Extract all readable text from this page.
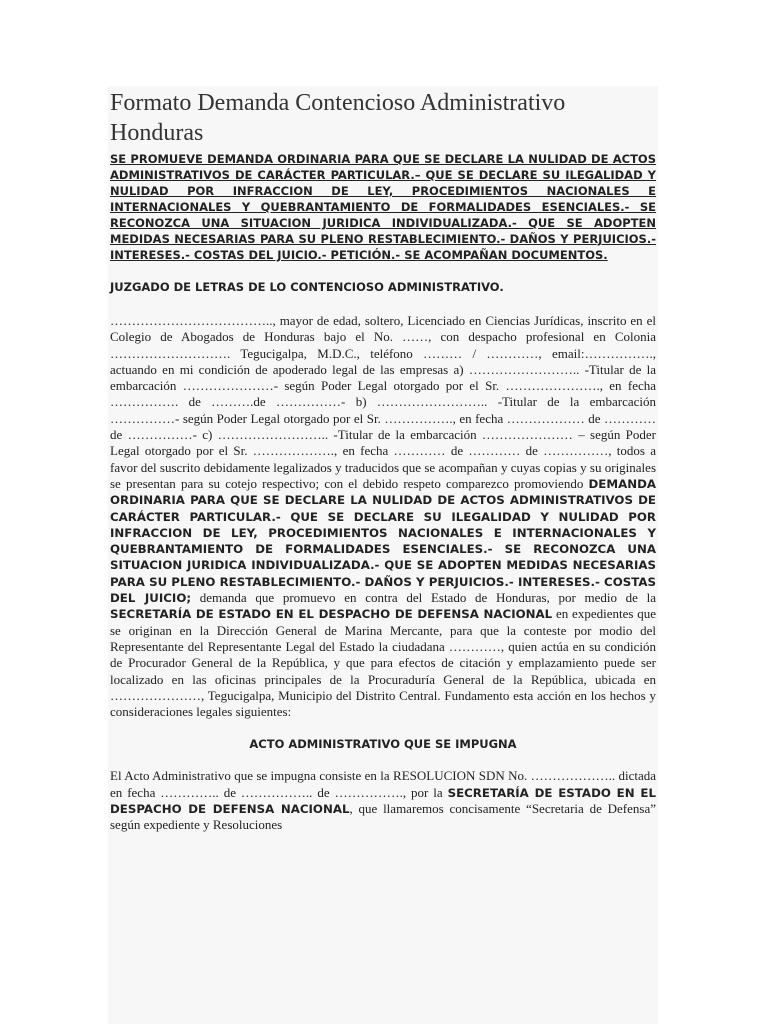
Formato Demanda Contencioso Administrativo Honduras

SE PROMUEVE DEMANDA ORDINARIA PARA QUE SE DECLARE LA NULIDAD DE ACTOS ADMINISTRATIVOS DE CARÁCTER PARTICULAR.– QUE SE DECLARE SU ILEGALIDAD Y NULIDAD POR INFRACCION DE LEY, PROCEDIMIENTOS NACIONALES E INTERNACIONALES Y QUEBRANTAMIENTO DE FORMALIDADES ESENCIALES.- SE RECONOZCA UNA SITUACION JURIDICA INDIVIDUALIZADA.- QUE SE ADOPTEN MEDIDAS NECESARIAS PARA SU PLENO RESTABLECIMIENTO.- DAÑOS Y PERJUICIOS.- INTERESES.- COSTAS DEL JUICIO.- PETICIÓN.- SE ACOMPAÑAN DOCUMENTOS.

JUZGADO DE LETRAS DE LO CONTENCIOSO ADMINISTRATIVO.

……………………………….., mayor de edad, soltero, Licenciado en Ciencias Jurídicas, inscrito en el Colegio de Abogados de Honduras bajo el No. ……, con despacho profesional en Colonia ………………………. Tegucigalpa, M.D.C., teléfono ……… / …………, email:……………., actuando en mi condición de apoderado legal de las empresas a) …………………….. -Titular de la embarcación …………………- según Poder Legal otorgado por el Sr. …………………., en fecha ……………. de ……….de ……………- b) …………………….. -Titular de la embarcación ……………- según Poder Legal otorgado por el Sr. ……………., en fecha ……………… de ………… de ……………- c) …………………….. -Titular de la embarcación ………………… – según Poder Legal otorgado por el Sr. ………………., en fecha ………… de ………… de ……………, todos a favor del suscrito debidamente legalizados y traducidos que se acompañan y cuyas copias y su originales se presentan para su cotejo respectivo; con el debido respeto comparezco promoviendo DEMANDA ORDINARIA PARA QUE SE DECLARE LA NULIDAD DE ACTOS ADMINISTRATIVOS DE CARÁCTER PARTICULAR.- QUE SE DECLARE SU ILEGALIDAD Y NULIDAD POR INFRACCION DE LEY, PROCEDIMIENTOS NACIONALES E INTERNACIONALES Y QUEBRANTAMIENTO DE FORMALIDADES ESENCIALES.- SE RECONOZCA UNA SITUACION JURIDICA INDIVIDUALIZADA.- QUE SE ADOPTEN MEDIDAS NECESARIAS PARA SU PLENO RESTABLECIMIENTO.- DAÑOS Y PERJUICIOS.- INTERESES.- COSTAS DEL JUICIO; demanda que promuevo en contra del Estado de Honduras, por medio de la SECRETARÍA DE ESTADO EN EL DESPACHO DE DEFENSA NACIONAL en expedientes que se originan en la Dirección General de Marina Mercante, para que la conteste por modio del Representante del Representante Legal del Estado la ciudadana …………, quien actúa en su condición de Procurador General de la República, y que para efectos de citación y emplazamiento puede ser localizado en las oficinas principales de la Procuraduría General de la República, ubicada en …………………, Tegucigalpa, Municipio del Distrito Central. Fundamento esta acción en los hechos y consideraciones legales siguientes:

ACTO ADMINISTRATIVO QUE SE IMPUGNA

El Acto Administrativo que se impugna consiste en la RESOLUCION SDN No. ……………….. dictada en fecha ………….. de …………….. de ……………., por la SECRETARÍA DE ESTADO EN EL DESPACHO DE DEFENSA NACIONAL, que llamaremos concisamente “Secretaria de Defensa” según expediente y Resoluciones
